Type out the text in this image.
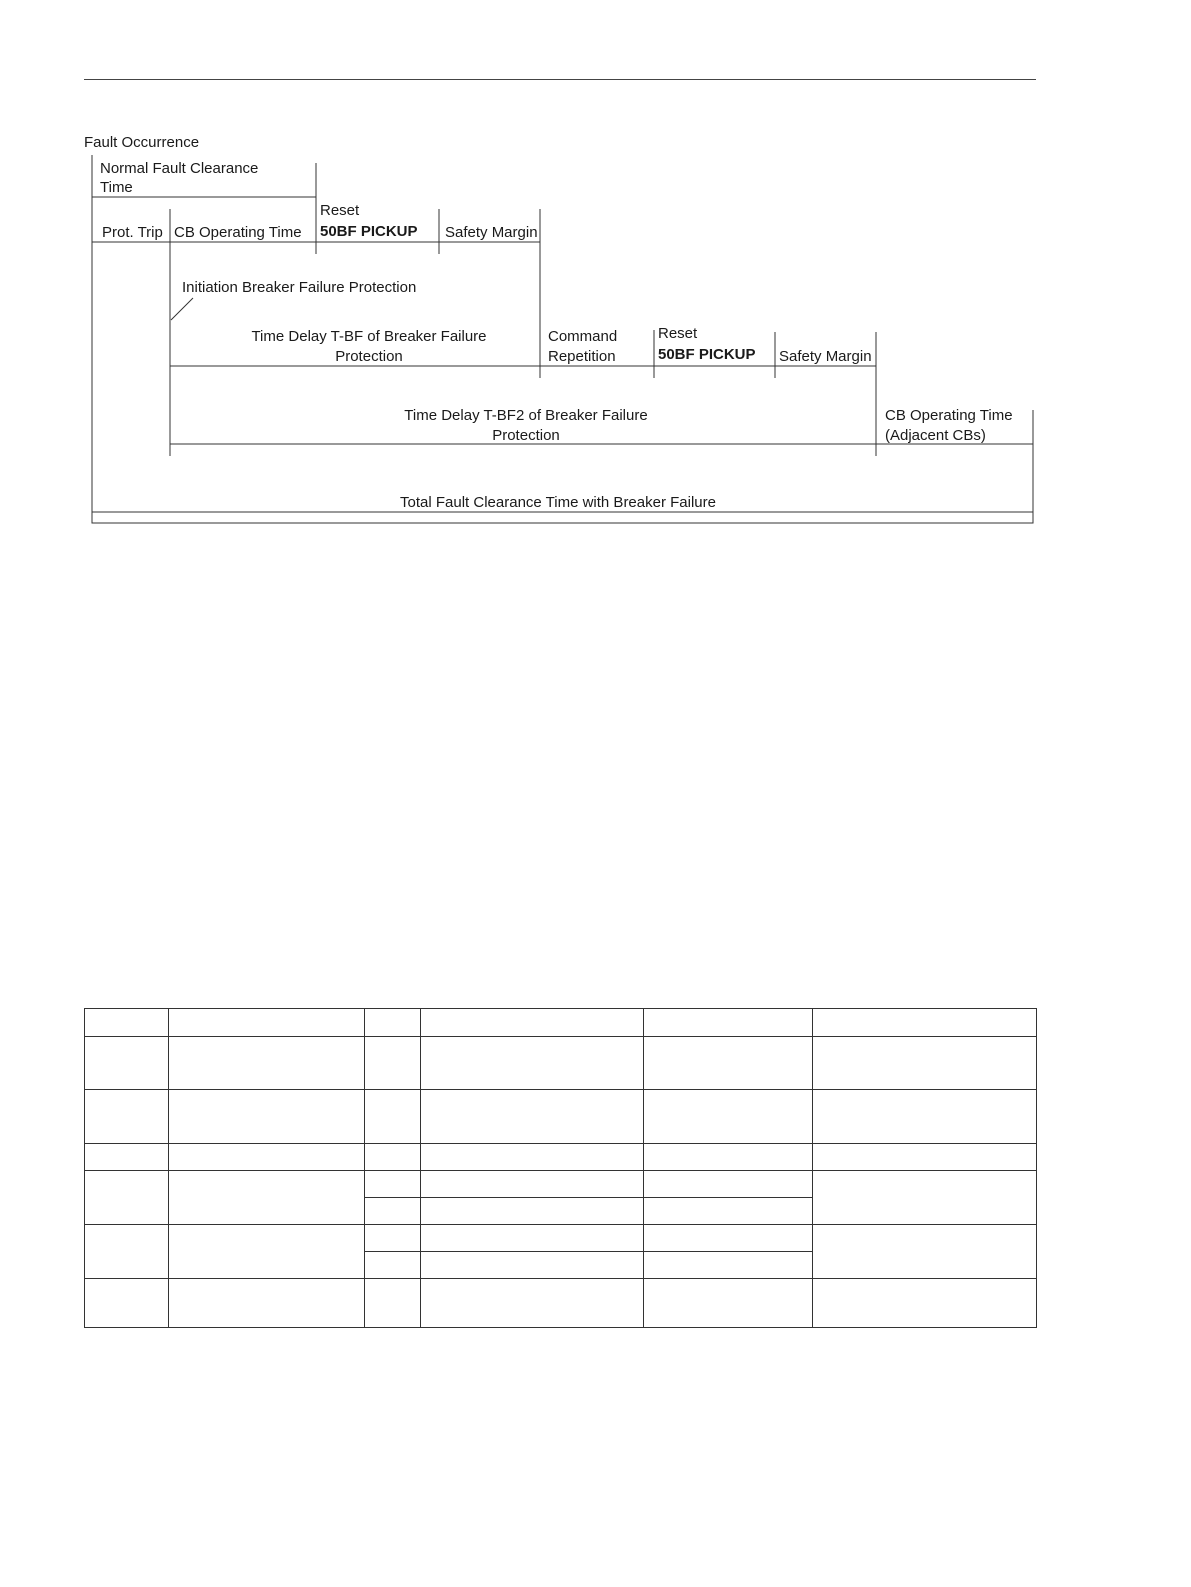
Fault Occurrence
Normal Fault Clearance
Time
Prot. Trip CB Operating Time
Reset
50BF PICKUP Safety Margin
Initiation Breaker Failure Protection
Time Delay T-BF of Breaker Failure
Protection
Command
Repetition
Reset
50BF PICKUP Safety Margin
Time Delay T-BF2 of Breaker Failure
Protection
CB Operating Time
(Adjacent CBs)
Total Fault Clearance Time with Breaker Failure
